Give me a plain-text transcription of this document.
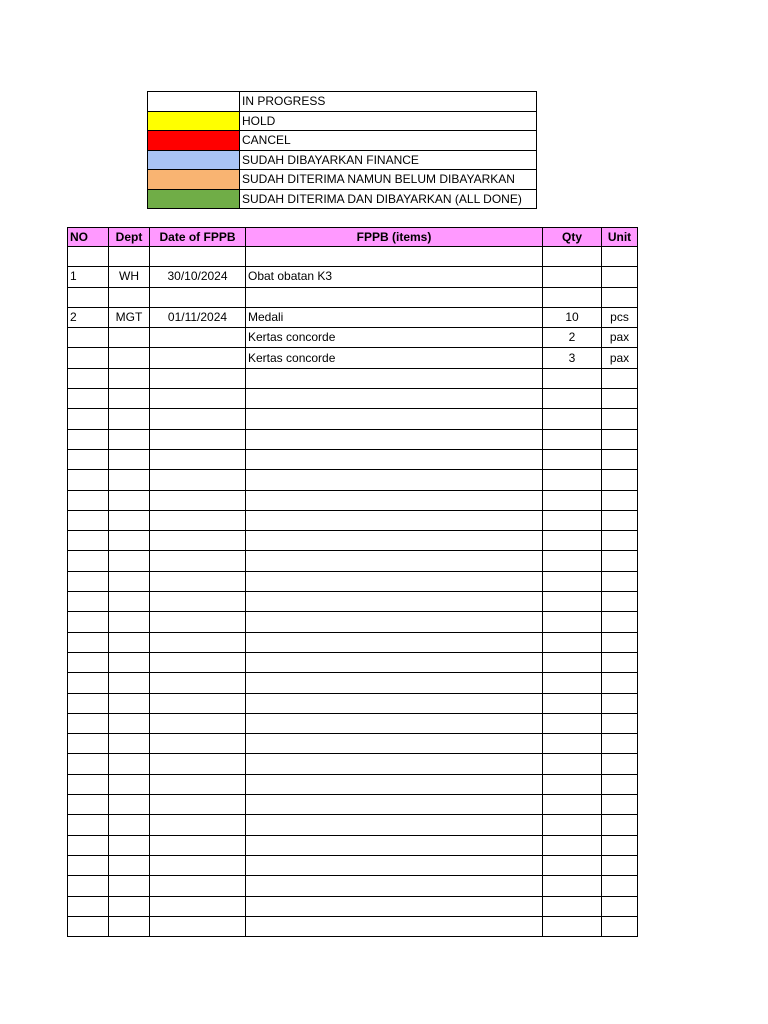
	IN PROGRESS
	HOLD
	CANCEL
	SUDAH DIBAYARKAN FINANCE
	SUDAH DITERIMA NAMUN BELUM DIBAYARKAN
	SUDAH DITERIMA DAN DIBAYARKAN (ALL DONE)
NO	Dept	Date of FPPB	FPPB (items)	Qty	Unit

1	WH	30/10/2024	Obat obatan K3		

2	MGT	01/11/2024	Medali	10	pcs
			Kertas concorde	2	pax
			Kertas concorde	3	pax
